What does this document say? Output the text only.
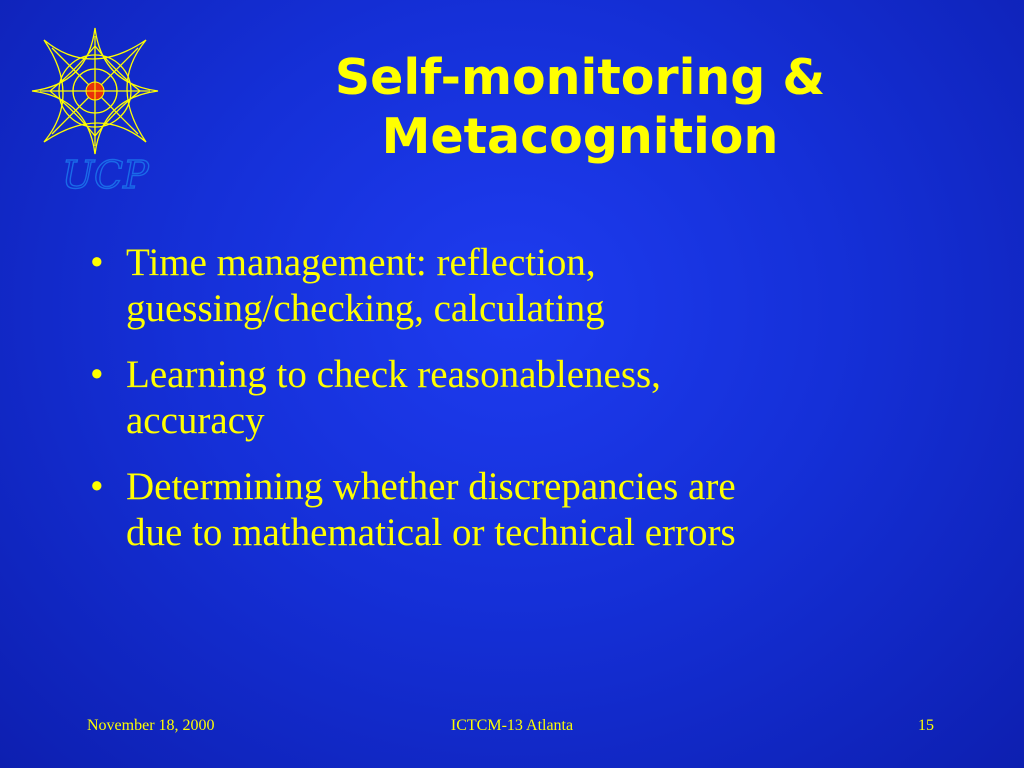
UCP
Self-monitoring &
Metacognition
• Time management: reflection,
guessing/checking, calculating
• Learning to check reasonableness,
accuracy
• Determining whether discrepancies are
due to mathematical or technical errors
November 18, 2000	ICTCM-13 Atlanta	15
